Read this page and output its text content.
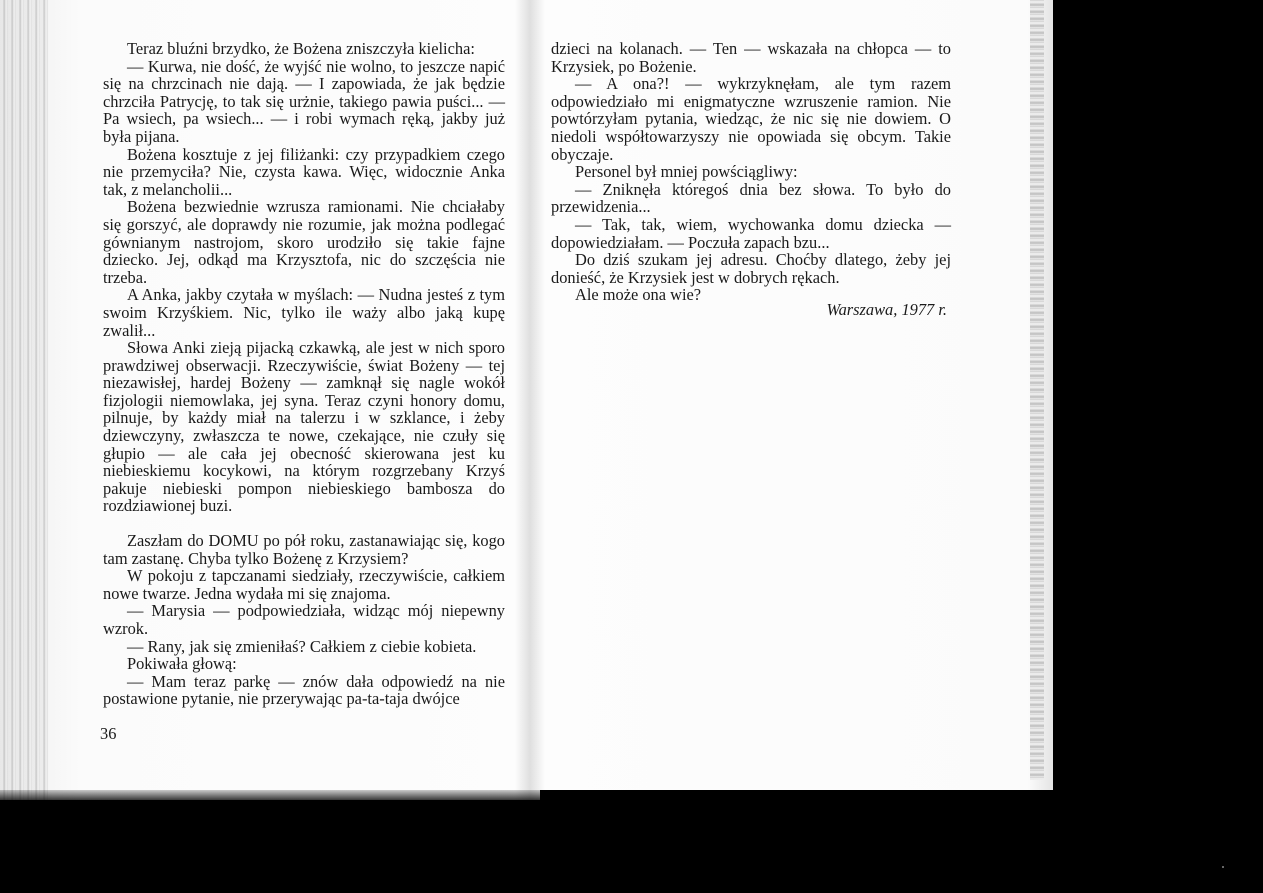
Teraz bluźni brzydko, że Bożena zniszczyła kielicha:

— Kurwa, nie dość, że wyjść nie wolno, to jeszcze napić się na chrzcinach nie dają. — I zapowiada, że jak będzie chrzciła Patrycję, to tak się urżnie, takiego pawia puści... — Pa wsiech, pa wsiech... — i robi wymach ręką, jakby już była pijana.

Bożena kosztuje z jej filiżanki: czy przypadkiem czego nie przemyciła? Nie, czysta kawa. Więc, widocznie Anka tak, z melancholii...

Bożena bezwiednie wzrusza ramionami. Nie chciałaby się gorszyć, ale doprawdy nie rozumie, jak można podlegać gównianym nastrojom, skoro urodziło się takie fajne dziecko. Jej, odkąd ma Krzysztofa, nic do szczęścia nie trzeba.

A Anka, jakby czytała w myślach: — Nudna jesteś z tym swoim Krzyśkiem. Nic, tylko ile waży albo jaką kupę zwalił...

Słowa Anki zieją pijacką czkawką, ale jest w nich sporo prawdziwej obserwacji. Rzeczywiście, świat Bożeny — tej niezawisłej, hardej Bożeny — zamknął się nagle wokół fizjologii niemowlaka, jej syna. Teraz czyni honory domu, pilnuje, by każdy miał na talerzu i w szklance, i żeby dziewczyny, zwłaszcza te nowe, czekające, nie czuły się głupio — ale cała jej obecność skierowana jest ku niebieskiemu kocykowi, na którym rozgrzebany Krzyś pakuje niebieski pompon niebieskiego bambosza do rozdziawionej buzi.

Zaszłam do DOMU po pół roku, zastanawiając się, kogo tam zastanę. Chyba tylko Bożenę z Krzysiem?

W pokoju z tapczanami siedziały, rzeczywiście, całkiem nowe twarze. Jedna wydała mi się znajoma.

— Marysia — podpowiedziała, widząc mój niepewny wzrok.

— Rany, jak się zmieniłaś? Całkiem z ciebie kobieta.

Pokiwała głową:

— Mam teraz parkę — znów dała odpowiedź na nie postawione pytanie, nie przerywając pa-ta-taja dwójce

36

dzieci na kolanach. — Ten — wskazała na chłopca — to Krzysiek, po Bożenie.

— A ona?! — wykrzyknęłam, ale tym razem odpowiedziało mi enigmatyczne wzruszenie ramion. Nie powtórzyłam pytania, wiedząc, że nic się nie dowiem. O niedoli współtowarzyszy nie opowiada się obcym. Takie obyczaje.

Personel był mniej powściągliwy:

— Zniknęła któregoś dnia bez słowa. To było do przewidzenia...

— Tak, tak, wiem, wychowanka domu dziecka — dopowiedziałam. — Poczuła zapach bzu...

Do dziś szukam jej adresu. Choćby dlatego, żeby jej donieść, że Krzysiek jest w dobrych rękach.

Ale może ona wie?

Warszawa, 1977 r.
